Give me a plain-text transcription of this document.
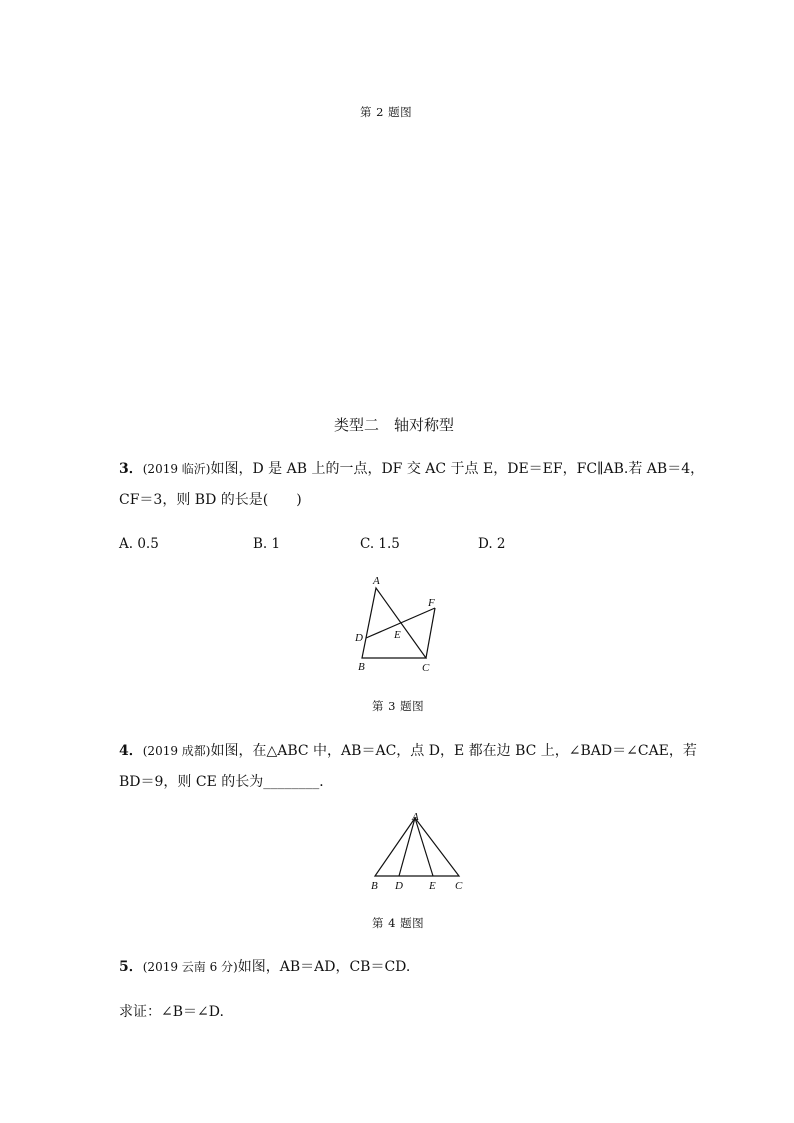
第 2 题图
类型二　轴对称型
3．(2019 临沂)如图，D 是 AB 上的一点，DF 交 AC 于点 E，DE＝EF，FC∥AB.若 AB＝4，
CF＝3，则 BD 的长是(　　)
A. 0.5	B. 1	C. 1.5	D. 2
A
B	C
D	E
F
第 3 题图
4．(2019 成都)如图，在△ABC 中，AB＝AC，点 D，E 都在边 BC 上，∠BAD＝∠CAE，若
BD＝9，则 CE 的长为________．
A
B D E C
第 4 题图
5．(2019 云南 6 分)如图，AB＝AD，CB＝CD.
求证：∠B＝∠D.
